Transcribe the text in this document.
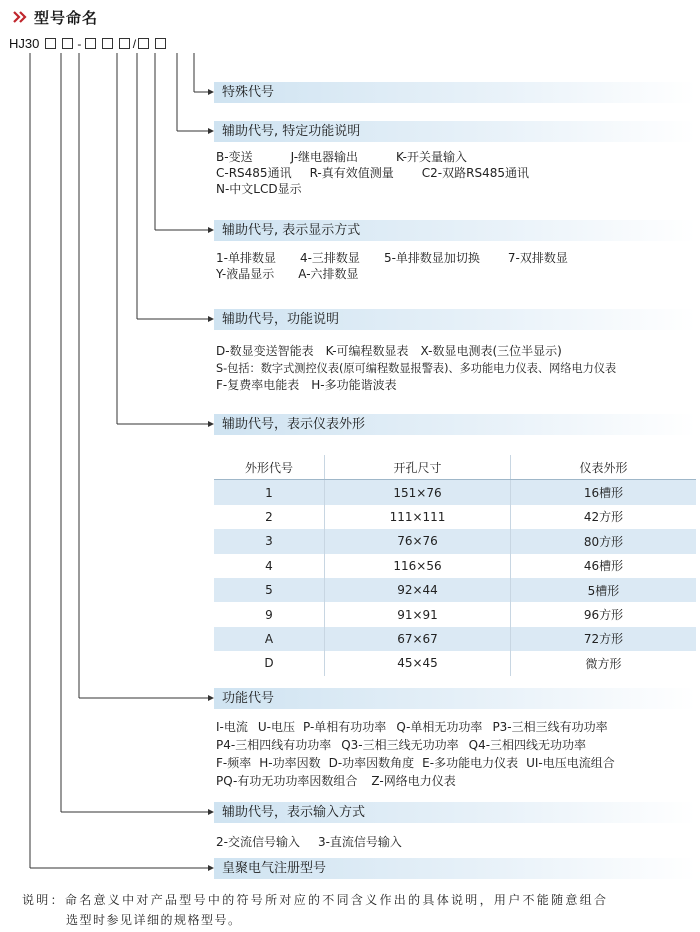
型号命名
HJ30	-	/
特殊代号
辅助代号, 特定功能说明
B-变送	J-继电器输出	K-开关量输入
C-RS485通讯 R-真有效值测量 C2-双路RS485通讯
N-中文LCD显示
辅助代号, 表示显示方式
1-单排数显 4-三排数显 5-单排数显加切换 7-双排数显
Y-液晶显示 A-六排数显
辅助代号，功能说明
D-数显变送智能表 K-可编程数显表 X-数显电测表(三位半显示)
S-包括：数字式测控仪表(原可编程数显报警表)、多功能电力仪表、网络电力仪表
F-复费率电能表 H-多功能谐波表
辅助代号，表示仪表外形
外形代号	开孔尺寸	仪表外形
1	151×76	16槽形
2	111×111	42方形
3	76×76	80方形
4	116×56	46槽形
5	92×44	5槽形
9	91×91	96方形
A	67×67	72方形
D	45×45	微方形
功能代号
I-电流 U-电压 P-单相有功功率 Q-单相无功功率 P3-三相三线有功功率
P4-三相四线有功功率 Q3-三相三线无功功率 Q4-三相四线无功功率
F-频率 H-功率因数 D-功率因数角度 E-多功能电力仪表 UI-电压电流组合
PQ-有功无功功率因数组合 Z-网络电力仪表
辅助代号，表示输入方式
2-交流信号输入 3-直流信号输入
皇聚电气注册型号
说明：命名意义中对产品型号中的符号所对应的不同含义作出的具体说明，用户不能随意组合
选型时参见详细的规格型号。
